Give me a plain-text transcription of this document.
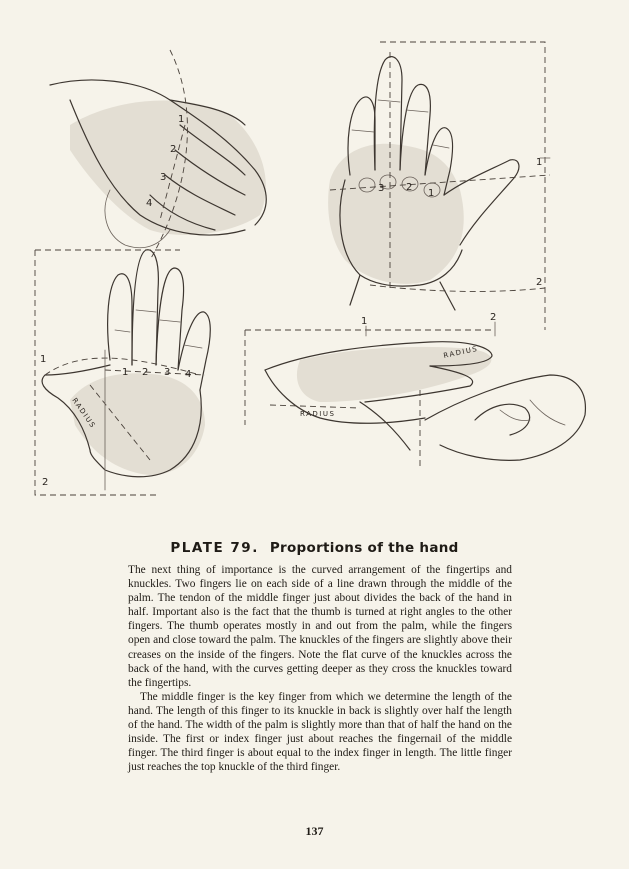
1
2
3
4
3 2
1
1
2
1
1 2 3 4
2
RADIUS
1	2
RADIUS
RADIUS
PLATE 79. Proportions of the hand

The next thing of importance is the curved arrangement of the fingertips and knuckles. Two fingers lie on each side of a line drawn through the middle of the palm. The tendon of the middle finger just about divides the back of the hand in half. Important also is the fact that the thumb is turned at right angles to the other fingers. The thumb operates mostly in and out from the palm, while the fingers open and close toward the palm. The knuckles of the fingers are slightly above their creases on the inside of the fingers. Note the flat curve of the knuckles across the back of the hand, with the curves getting deeper as they cross the knuckles toward the fingertips.

The middle finger is the key finger from which we determine the length of the hand. The length of this finger to its knuckle in back is slightly over half the length of the hand. The width of the palm is slightly more than that of half the hand on the inside. The first or index finger just about reaches the fingernail of the middle finger. The third finger is about equal to the index finger in length. The little finger just reaches the top knuckle of the third finger.

137
